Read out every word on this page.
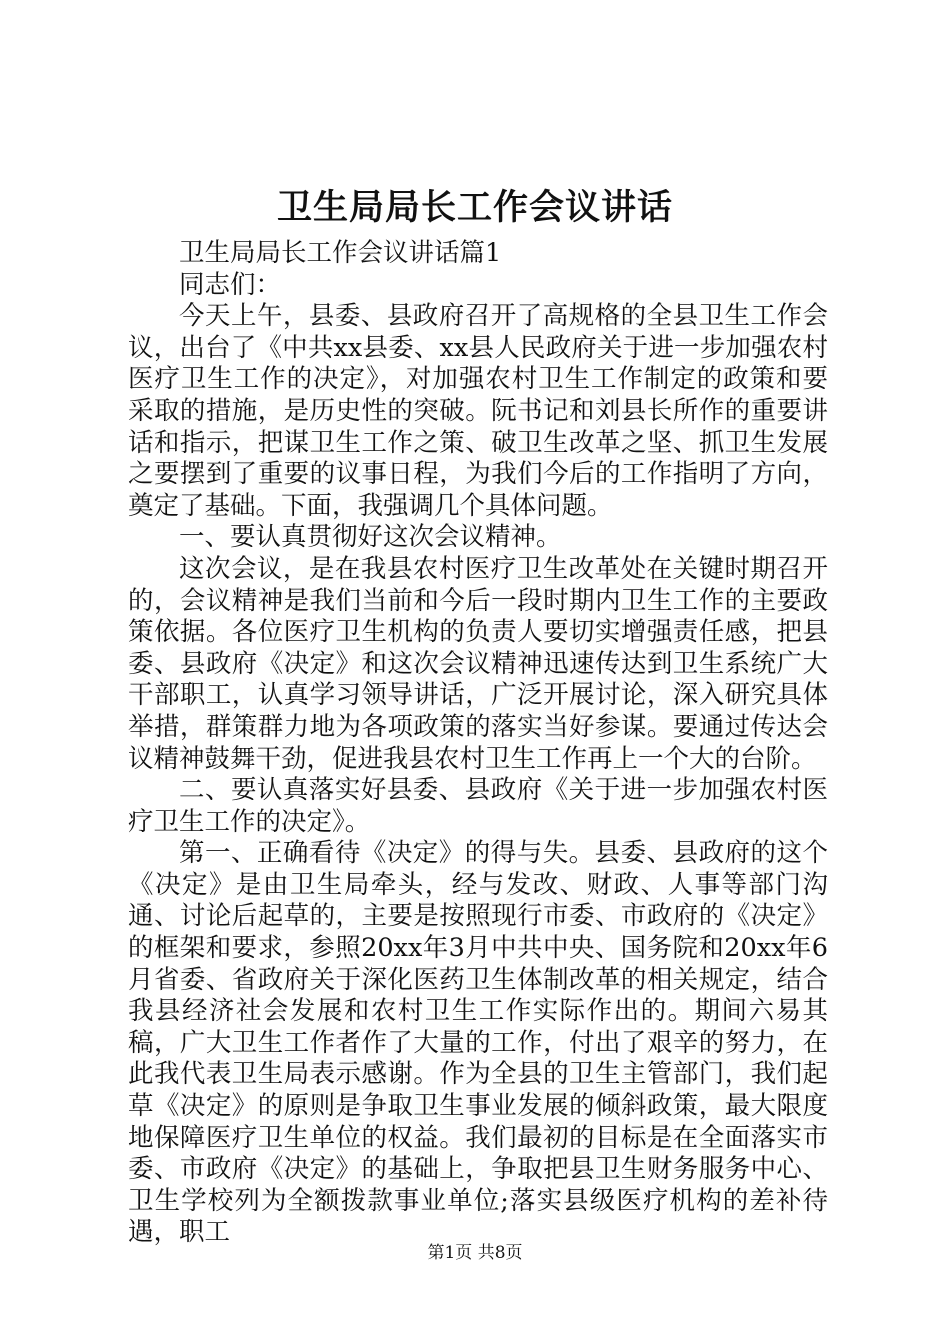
卫生局局长工作会议讲话

卫生局局长工作会议讲话篇1

同志们：

今天上午，县委、县政府召开了高规格的全县卫生工作会议，出台了《中共xx县委、xx县人民政府关于进一步加强农村医疗卫生工作的决定》，对加强农村卫生工作制定的政策和要采取的措施，是历史性的突破。阮书记和刘县长所作的重要讲话和指示，把谋卫生工作之策、破卫生改革之坚、抓卫生发展之要摆到了重要的议事日程，为我们今后的工作指明了方向，奠定了基础。下面，我强调几个具体问题。

一、要认真贯彻好这次会议精神。

这次会议，是在我县农村医疗卫生改革处在关键时期召开的，会议精神是我们当前和今后一段时期内卫生工作的主要政策依据。各位医疗卫生机构的负责人要切实增强责任感，把县委、县政府《决定》和这次会议精神迅速传达到卫生系统广大干部职工，认真学习领导讲话，广泛开展讨论，深入研究具体举措，群策群力地为各项政策的落实当好参谋。要通过传达会议精神鼓舞干劲，促进我县农村卫生工作再上一个大的台阶。

二、要认真落实好县委、县政府《关于进一步加强农村医疗卫生工作的决定》。

第一、正确看待《决定》的得与失。县委、县政府的这个《决定》是由卫生局牵头，经与发改、财政、人事等部门沟通、讨论后起草的，主要是按照现行市委、市政府的《决定》的框架和要求，参照20xx年3月中共中央、国务院和20xx年6月省委、省政府关于深化医药卫生体制改革的相关规定，结合我县经济社会发展和农村卫生工作实际作出的。期间六易其稿，广大卫生工作者作了大量的工作，付出了艰辛的努力，在此我代表卫生局表示感谢。作为全县的卫生主管部门，我们起草《决定》的原则是争取卫生事业发展的倾斜政策，最大限度地保障医疗卫生单位的权益。我们最初的目标是在全面落实市委、市政府《决定》的基础上，争取把县卫生财务服务中心、卫生学校列为全额拨款事业单位;落实县级医疗机构的差补待遇，职工

第1页 共8页
